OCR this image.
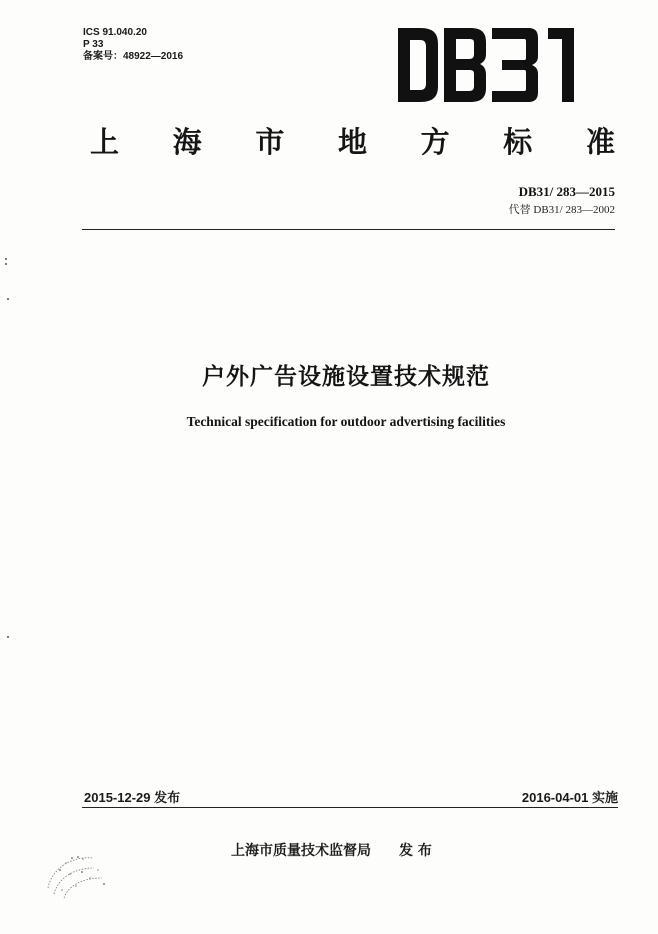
ICS 91.040.20
P 33
备案号：48922—2016
上 海 市 地 方 标 准
DB31/ 283—2015
代替 DB31/ 283—2002
户外广告设施设置技术规范
Technical specification for outdoor advertising facilities
2015-12-29 发布	2016-04-01 实施
上海市质量技术监督局 发 布
